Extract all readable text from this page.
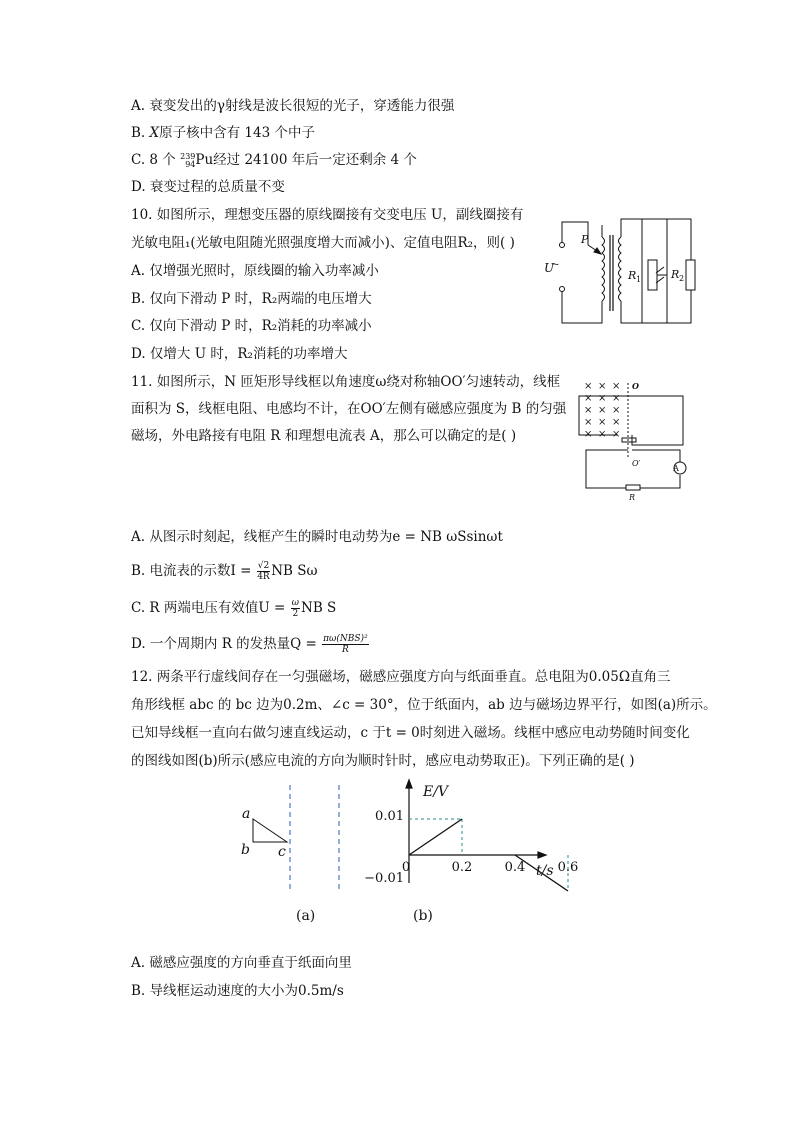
A. 衰变发出的γ射线是波长很短的光子，穿透能力很强
B. X原子核中含有 143 个中子
C. 8 个 239
94 Pu经过 24100 年后一定还剩余 4 个
D. 衰变过程的总质量不变
10. 如图所示，理想变压器的原线圈接有交变电压 U，副线圈接有
光敏电阻₁(光敏电阻随光照强度增大而减小)、定值电阻R₂，则( )
A. 仅增强光照时，原线圈的输入功率减小
B. 仅向下滑动 P 时，R₂两端的电压增大
C. 仅向下滑动 P 时，R₂消耗的功率减小
D. 仅增大 U 时，R₂消耗的功率增大
U
~
P
R 1	R 2
11. 如图所示，N 匝矩形导线框以角速度ω绕对称轴OO′匀速转动，线框
面积为 S，线框电阻、电感均不计，在OO′左侧有磁感应强度为 B 的匀强
磁场，外电路接有电阻 R 和理想电流表 A，那么可以确定的是( )
× × ×
× × ×
× × ×
× × ×
× × ×
A
O
O′
R
A. 从图示时刻起，线框产生的瞬时电动势为e = NB ωSsinωt
B. 电流表的示数$I = \frac{√2}{4R}$ NB Sω
C. R 两端电压有效值$U = \frac{\omega}{2}$ NB S
D. 一个周期内 R 的发热量$Q = \frac{\text{πω(NBS)²}}{R}$
12. 两条平行虚线间存在一匀强磁场，磁感应强度方向与纸面垂直。总电阻为0.05Ω直角三
角形线框 abc 的 bc 边为0.2m、∠c = 30°，位于纸面内，ab 边与磁场边界平行，如图(a)所示。
已知导线框一直向右做匀速直线运动，c 于t = 0时刻进入磁场。线框中感应电动势随时间变化
的图线如图(b)所示(感应电流的方向为顺时针时，感应电动势取正)。下列正确的是( )
a
b c
(a)
0	0.2 0.4 0.6
E/V
t/s
0.01
−0.01
(b)
A. 磁感应强度的方向垂直于纸面向里
B. 导线框运动速度的大小为0.5m/s
